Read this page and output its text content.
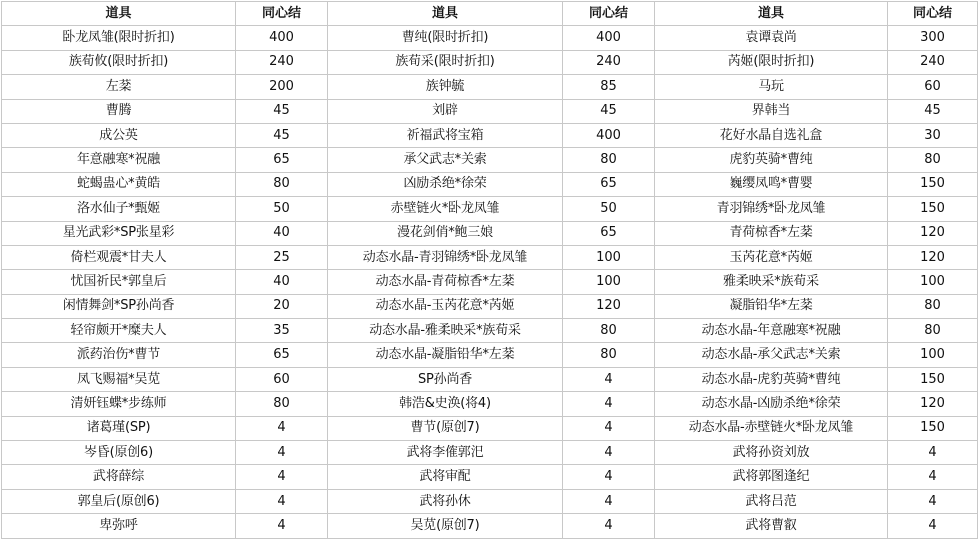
道具	同心结	道具	同心结	道具	同心结
卧龙凤雏(限时折扣)	400	曹纯(限时折扣)	400	袁谭袁尚	300
族荀攸(限时折扣)	240	族荀采(限时折扣)	240	芮姬(限时折扣)	240
左棻	200	族钟毓	85	马玩	60
曹腾	45	刘辟	45	界韩当	45
成公英	45	祈福武将宝箱	400	花好水晶自选礼盒	30
年意融寒*祝融	65	承父武志*关索	80	虎豹英骑*曹纯	80
蛇蝎蛊心*黄皓	80	凶励杀绝*徐荣	65	巍缨凤鸣*曹婴	150
洛水仙子*甄姬	50	赤壁链火*卧龙凤雏	50	青羽锦绣*卧龙凤雏	150
星光武彩*SP张星彩	40	漫花剑俏*鲍三娘	65	青荷椋香*左棻	120
倚栏观震*甘夫人	25	动态水晶-青羽锦绣*卧龙凤雏	100	玉芮花意*芮姬	120
忧国祈民*郭皇后	40	动态水晶-青荷椋香*左棻	100	雅柔映采*族荀采	100
闲情舞剑*SP孙尚香	20	动态水晶-玉芮花意*芮姬	120	凝脂铅华*左棻	80
轻帘颇开*糜夫人	35	动态水晶-雅柔映采*族荀采	80	动态水晶-年意融寒*祝融	80
派药治伤*曹节	65	动态水晶-凝脂铅华*左棻	80	动态水晶-承父武志*关索	100
凤飞赐福*吴苋	60	SP孙尚香	4	动态水晶-虎豹英骑*曹纯	150
清妍钰蝶*步练师	80	韩浩&史涣(将4)	4	动态水晶-凶励杀绝*徐荣	120
诸葛瑾(SP)	4	曹节(原创7)	4	动态水晶-赤壁链火*卧龙凤雏	150
岑昏(原创6)	4	武将李傕郭汜	4	武将孙资刘放	4
武将薛综	4	武将审配	4	武将郭图逢纪	4
郭皇后(原创6)	4	武将孙休	4	武将吕范	4
卑弥呼	4	吴苋(原创7)	4	武将曹叡	4
